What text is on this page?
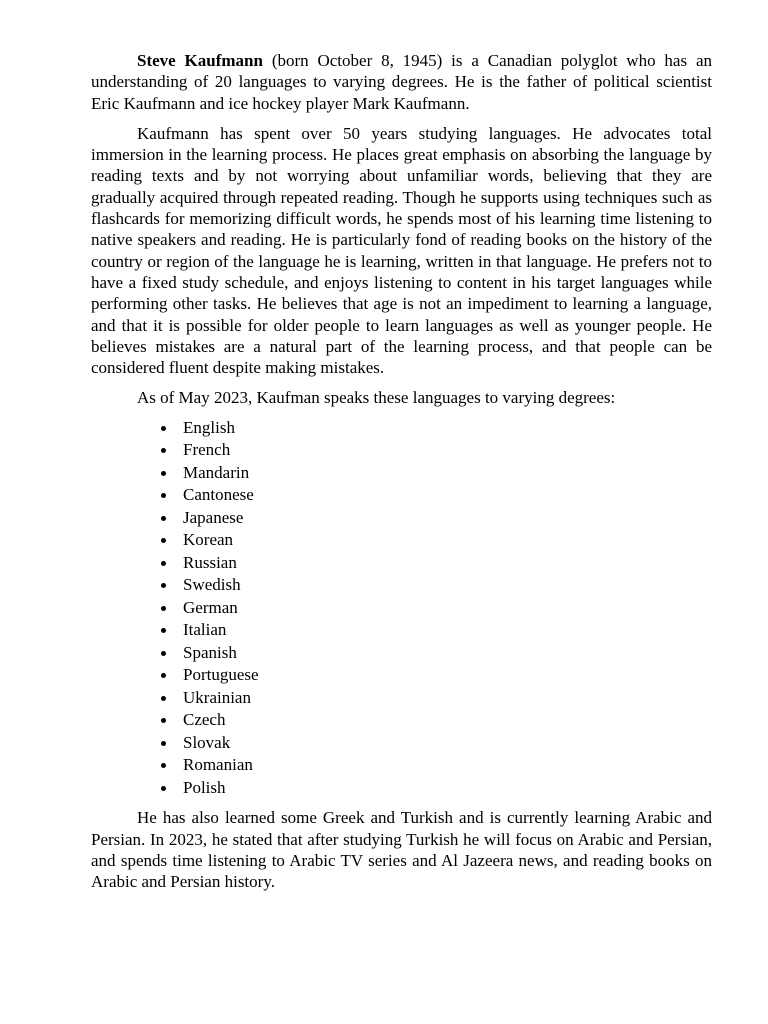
Steve Kaufmann (born October 8, 1945) is a Canadian polyglot who has an understanding of 20 languages to varying degrees. He is the father of political scientist Eric Kaufmann and ice hockey player Mark Kaufmann.

Kaufmann has spent over 50 years studying languages. He advocates total immersion in the learning process. He places great emphasis on absorbing the language by reading texts and by not worrying about unfamiliar words, believing that they are gradually acquired through repeated reading. Though he supports using techniques such as flashcards for memorizing difficult words, he spends most of his learning time listening to native speakers and reading. He is particularly fond of reading books on the history of the country or region of the language he is learning, written in that language. He prefers not to have a fixed study schedule, and enjoys listening to content in his target languages while performing other tasks. He believes that age is not an impediment to learning a language, and that it is possible for older people to learn languages as well as younger people. He believes mistakes are a natural part of the learning process, and that people can be considered fluent despite making mistakes.

As of May 2023, Kaufman speaks these languages to varying degrees:

English
French
Mandarin
Cantonese
Japanese
Korean
Russian
Swedish
German
Italian
Spanish
Portuguese
Ukrainian
Czech
Slovak
Romanian
Polish

He has also learned some Greek and Turkish and is currently learning Arabic and Persian. In 2023, he stated that after studying Turkish he will focus on Arabic and Persian, and spends time listening to Arabic TV series and Al Jazeera news, and reading books on Arabic and Persian history.
